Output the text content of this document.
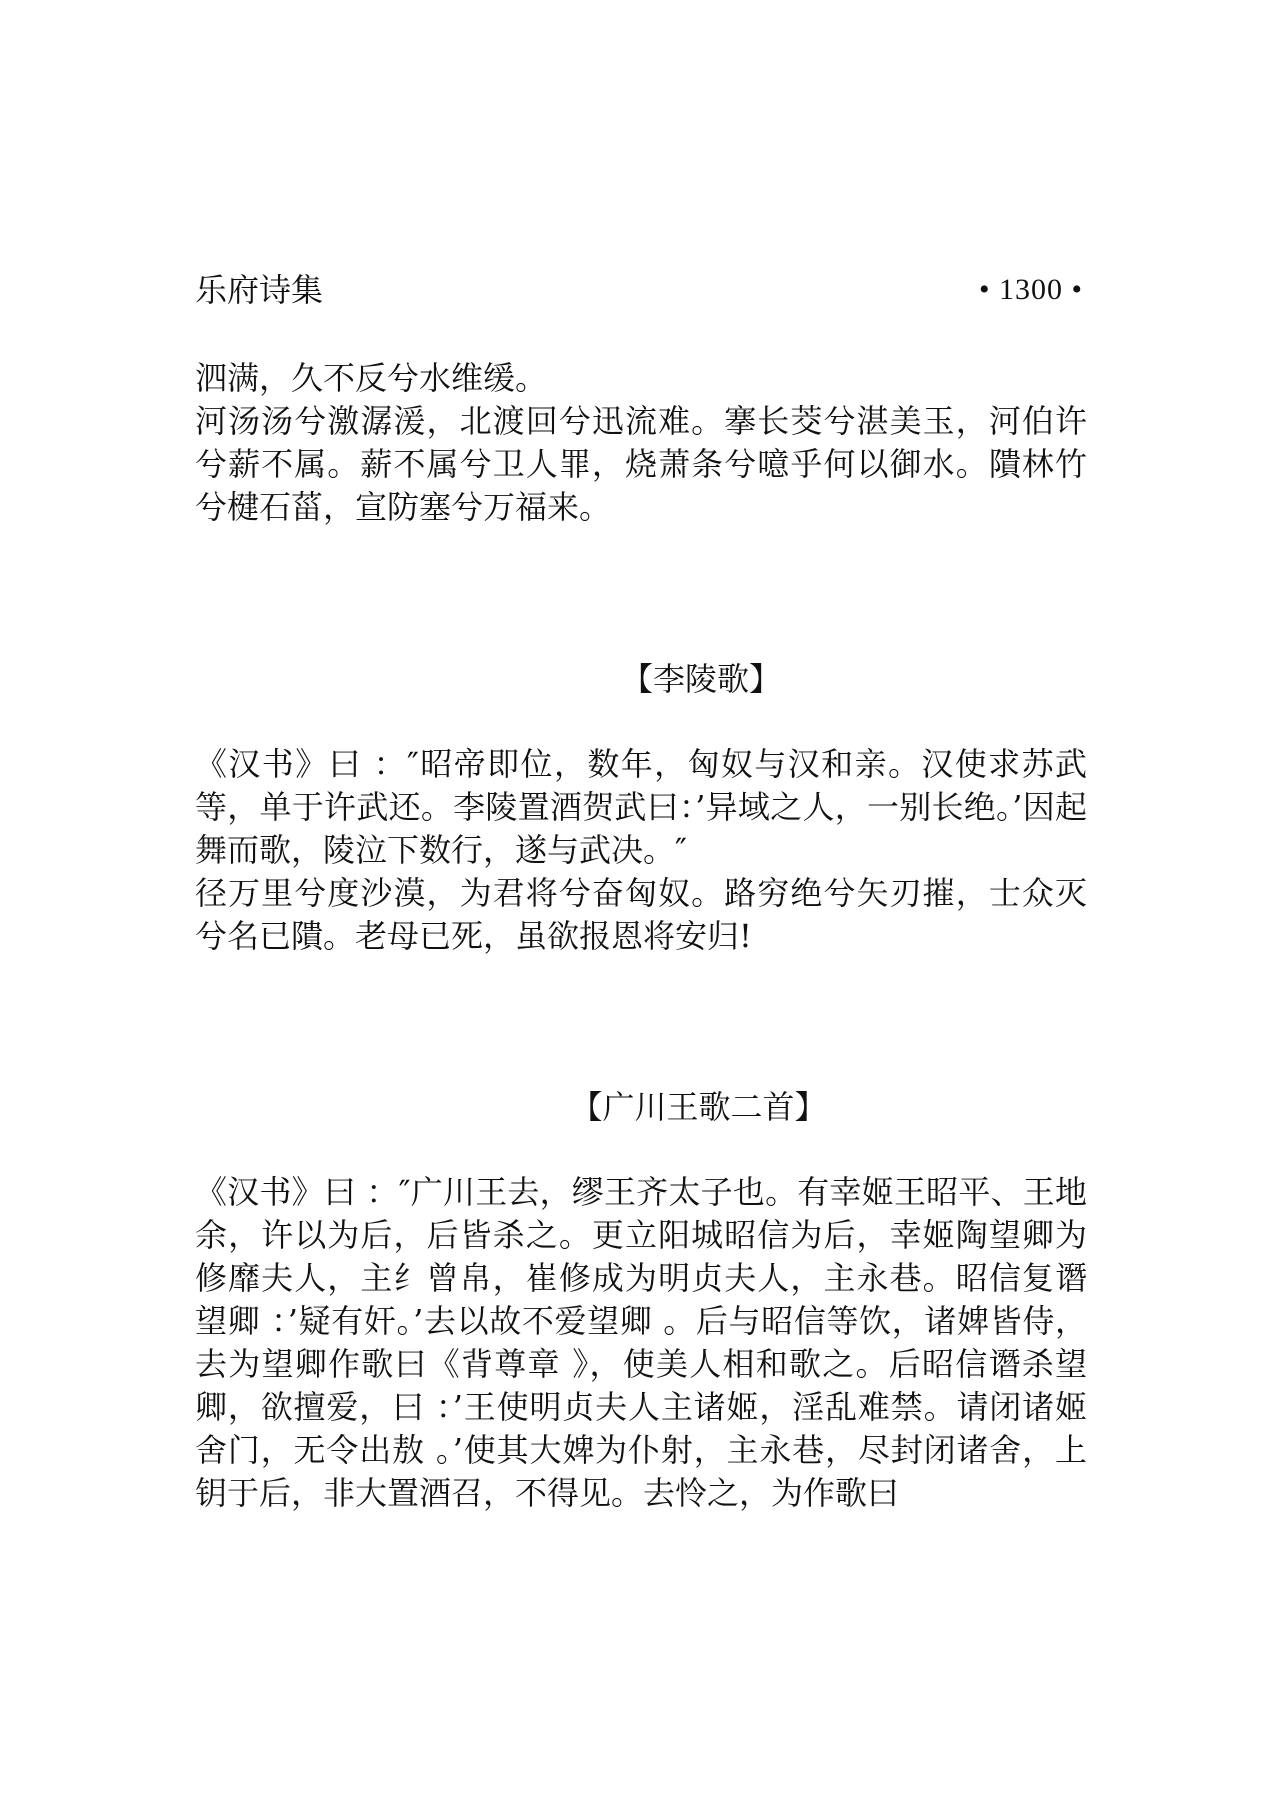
乐府诗集	• 1300 •

泗满，久不反兮水维缓。

河汤汤兮激潺湲，北渡回兮迅流难。搴长茭兮湛美玉，河伯许兮薪不属。薪不属兮卫人罪，烧萧条兮噫乎何以御水。隤林竹兮楗石菑，宣防塞兮万福来。

【李陵歌】

《汉书》曰 ：″昭帝即位，数年，匈奴与汉和亲。汉使求苏武等，单于许武还。李陵置酒贺武曰：’异域之人，一别长绝。’因起舞而歌，陵泣下数行，遂与武决。″

径万里兮度沙漠，为君将兮奋匈奴。路穷绝兮矢刃摧，士众灭兮名已隤。老母已死，虽欲报恩将安归!

【广川王歌二首】

《汉书》曰 ：″广川王去，缪王齐太子也。有幸姬王昭平、王地余，许以为后，后皆杀之。更立阳城昭信为后，幸姬陶望卿为修靡夫人，主纟曾帛，崔修成为明贞夫人，主永巷。昭信复谮望卿 ：’疑有奸。’去以故不爱望卿 。后与昭信等饮，诸婢皆侍，去为望卿作歌曰《背尊章 》，使美人相和歌之。后昭信谮杀望卿，欲擅爱，曰 ：’王使明贞夫人主诸姬，淫乱难禁。请闭诸姬舍门，无令出敖 。’使其大婢为仆射，主永巷，尽封闭诸舍，上钥于后，非大置酒召，不得见。去怜之，为作歌曰
